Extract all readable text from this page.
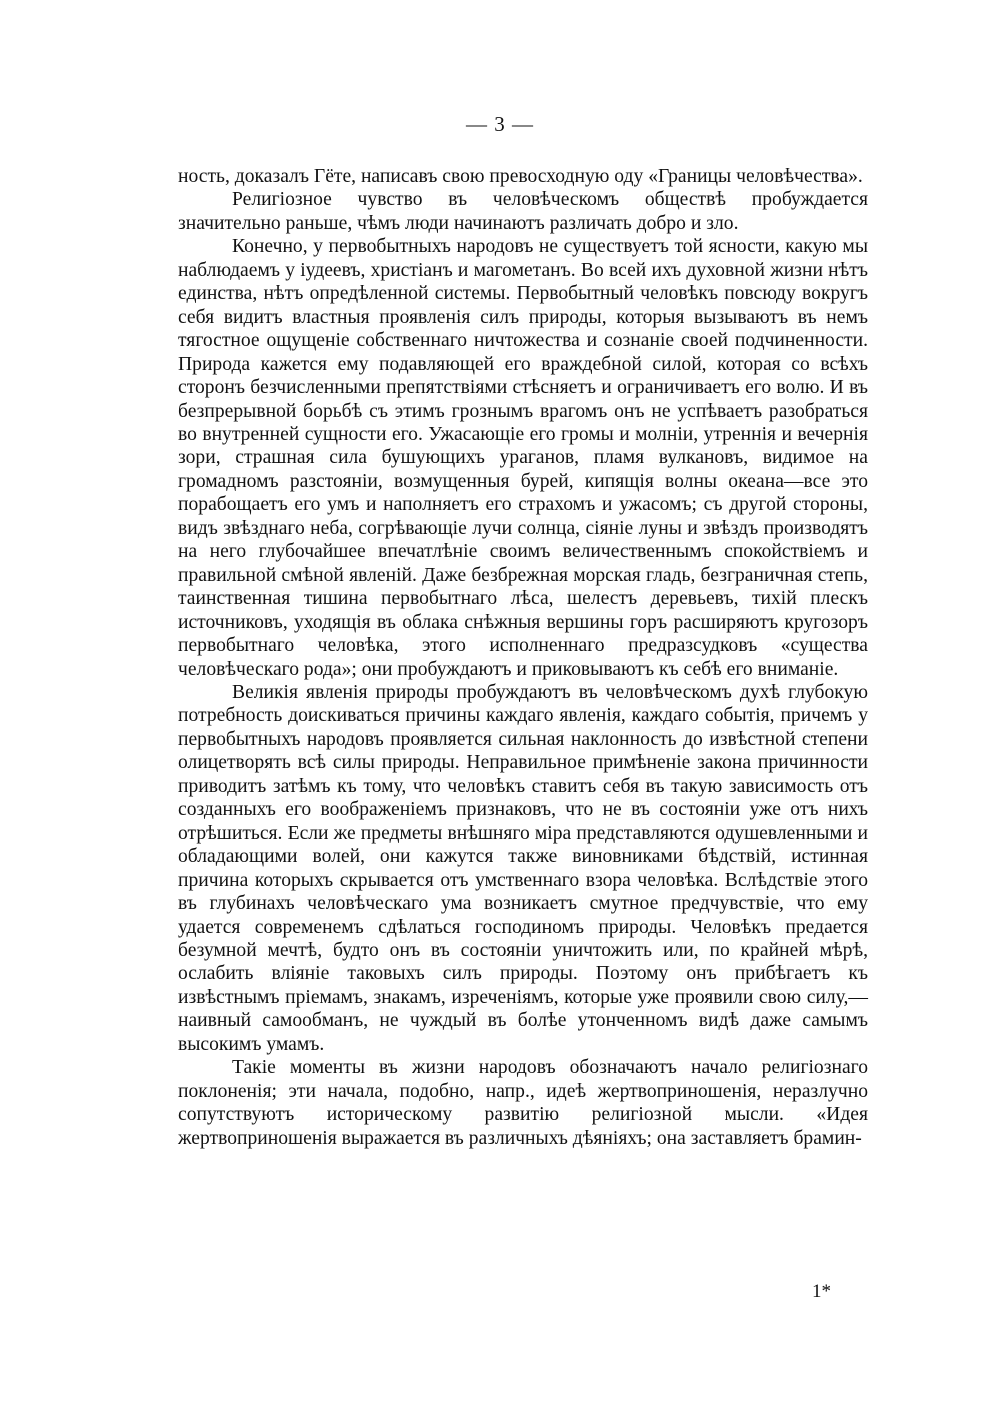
— 3 —

ность, доказалъ Гёте, написавъ свою превосходную оду «Границы человѣчества».

Религіозное чувство въ человѣческомъ обществѣ пробуждается значительно раньше, чѣмъ люди начинаютъ различать добро и зло.

Конечно, у первобытныхъ народовъ не существуетъ той ясности, какую мы наблюдаемъ у іудеевъ, христіанъ и магометанъ. Во всей ихъ духовной жизни нѣтъ единства, нѣтъ опредѣленной системы. Первобытный человѣкъ повсюду вокругъ себя видитъ властныя проявленія силъ природы, которыя вызываютъ въ немъ тягостное ощущеніе собственнаго ничтожества и сознаніе своей подчиненности. Природа кажется ему подавляющей его враждебной силой, которая со всѣхъ сторонъ безчисленными препятствіями стѣсняетъ и ограничиваетъ его волю. И въ безпрерывной борьбѣ съ этимъ грознымъ врагомъ онъ не успѣваетъ разобраться во внутренней сущности его. Ужасающіе его громы и молніи, утреннія и вечернія зори, страшная сила бушующихъ ураганов, пламя вулкановъ, видимое на громадномъ разстояніи, возмущенныя бурей, кипящія волны океана—все это порабощаетъ его умъ и наполняетъ его страхомъ и ужасомъ; съ другой стороны, видъ звѣзднаго неба, согрѣвающіе лучи солнца, сіяніе луны и звѣздъ производятъ на него глубочайшее впечатлѣніе своимъ величественнымъ спокойствіемъ и правильной смѣной явленій. Даже безбрежная морская гладь, безграничная степь, таинственная тишина первобытнаго лѣса, шелестъ деревьевъ, тихій плескъ источниковъ, уходящія въ облака снѣжныя вершины горъ расширяютъ кругозоръ первобытнаго человѣка, этого исполненнаго предразсудковъ «существа человѣческаго рода»; они пробуждаютъ и приковываютъ къ себѣ его вниманіе.

Великія явленія природы пробуждаютъ въ человѣческомъ духѣ глубокую потребность доискиваться причины каждаго явленія, каждаго событія, причемъ у первобытныхъ народовъ проявляется сильная наклонность до извѣстной степени олицетворять всѣ силы природы. Неправильное примѣненіе закона причинности приводитъ затѣмъ къ тому, что человѣкъ ставитъ себя въ такую зависимость отъ созданныхъ его воображеніемъ признаковъ, что не въ состояніи уже отъ нихъ отрѣшиться. Если же предметы внѣшняго міра представляются одушевленными и обладающими волей, они кажутся также виновниками бѣдствій, истинная причина которыхъ скрывается отъ умственнаго взора человѣка. Вслѣдствіе этого въ глубинахъ человѣческаго ума возникаетъ смутное предчувствіе, что ему удается современемъ сдѣлаться господиномъ природы. Человѣкъ предается безумной мечтѣ, будто онъ въ состояніи уничтожить или, по крайней мѣрѣ, ослабить вліяніе таковыхъ силъ природы. Поэтому онъ прибѣгаетъ къ извѣстнымъ пріемамъ, знакамъ, изреченіямъ, которые уже проявили свою силу,—наивный самообманъ, не чуждый въ болѣе утонченномъ видѣ даже самымъ высокимъ умамъ.

Такіе моменты въ жизни народовъ обозначаютъ начало религіознаго поклоненія; эти начала, подобно, напр., идеѣ жертвоприношенія, неразлучно сопутствуютъ историческому развитію религіозной мысли. «Идея жертвоприношенія выражается въ различныхъ дѣяніяхъ; она заставляетъ брамин-

1*
